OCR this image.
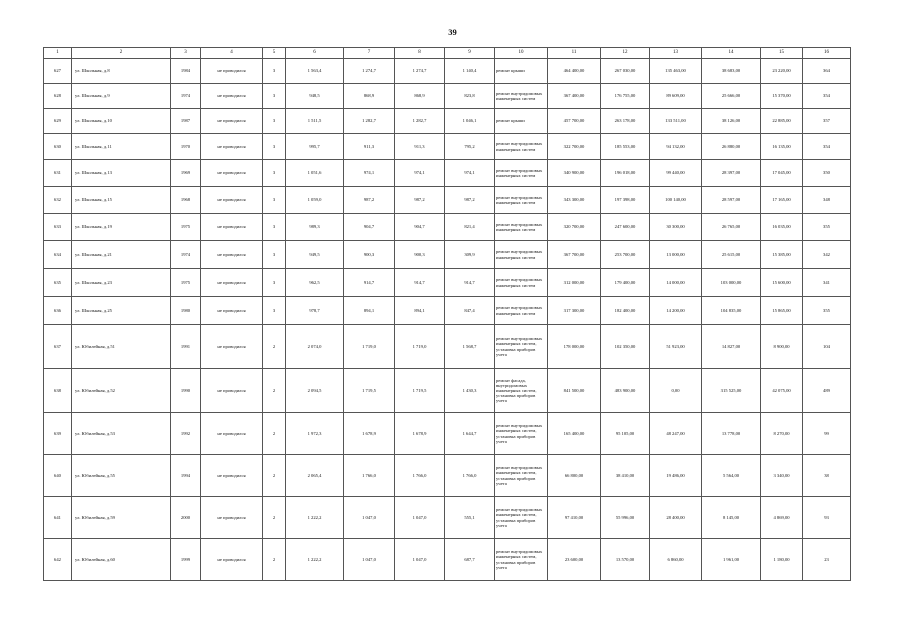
39
1	2	3	4	5	6	7	8	9	10	11	12	13	14	15	16
627	ул. Школьная, д.8	1984	не проводился	3	1 563,4	1 274,7	1 274,7	1 140,4	ремонт крыши	464 400,00	267 030,00	135 463,00	38 683,00	23 220,00	364
628	ул. Школьная, д.9	1974	не проводился	3	948,5	868,9	868,9	823,8	ремонт внутридомовых инженерных систем	367 400,00	176 755,00	89 609,00	25 666,00	15 370,00	354
629	ул. Школьная, д.10	1987	не проводился	3	1 511,5	1 282,7	1 282,7	1 046,1	ремонт крыши	457 700,00	263 178,00	133 511,00	38 126,00	22 885,00	357
630	ул. Школьная, д.11	1970	не проводился	3	995,7	911,3	911,3	795,2	ремонт внутридомовых инженерных систем	322 700,00	185 553,00	94 132,00	26 880,00	16 135,00	354
631	ул. Школьная, д.13	1969	не проводился	3	1 051,6	974,1	974,1	974,1	ремонт внутридомовых инженерных систем	340 900,00	196 018,00	99 440,00	28 397,00	17 045,00	350
632	ул. Школьная, д.15	1968	не проводился	3	1 059,0	987,2	987,2	987,2	ремонт внутридомовых инженерных систем	343 300,00	197 398,00	100 140,00	28 597,00	17 165,00	348
633	ул. Школьная, д.19	1975	не проводился	3	989,3	904,7	904,7	821,4	ремонт внутридомовых инженерных систем	320 700,00	247 600,00	30 300,00	26 765,00	16 035,00	355
634	ул. Школьная, д.21	1974	не проводился	3	949,5	900,3	900,3	309,9	ремонт внутридомовых инженерных систем	367 700,00	253 700,00	13 000,00	25 615,00	15 385,00	342
635	ул. Школьная, д.23	1975	не проводился	3	962,5	914,7	914,7	914,7	ремонт внутридомовых инженерных систем	312 000,00	179 400,00	14 000,00	103 000,00	15 600,00	341
636	ул. Школьная, д.25	1980	не проводился	3	978,7	894,1	894,1	847,4	ремонт внутридомовых инженерных систем	317 300,00	182 400,00	14 200,00	104 835,00	15 865,00	355
637	ул. Юбилейная, д.51	1991	не проводился	2	2 074,0	1 719,0	1 719,0	1 568,7	ремонт внутридомовых инженерных систем, установка приборов учета	178 000,00	102 350,00	51 923,00	14 827,00	8 900,00	104
638	ул. Юбилейная, д.52	1990	не проводился	2	2 094,5	1 719,5	1 719,5	1 430,3	ремонт фасада, внутридомовых инженерных систем, установка приборов учета	841 500,00	483 900,00	0,00	315 525,00	42 075,00	489
639	ул. Юбилейная, д.53	1992	не проводился	2	1 972,3	1 678,9	1 678,9	1 644,7	ремонт внутридомовых инженерных систем, установка приборов учета	165 400,00	95 105,00	48 247,00	13 778,00	8 270,00	99
640	ул. Юбилейная, д.55	1994	не проводился	2	2 065,4	1 766,0	1 766,0	1 766,0	ремонт внутридомовых инженерных систем, установка приборов учета	66 800,00	38 410,00	19 486,00	5 564,00	3 340,00	38
641	ул. Юбилейная, д.59	2000	не проводился	2	1 222,2	1 047,0	1 047,0	555,1	ремонт внутридомовых инженерных систем, установка приборов учета	97 410,00	55 996,00	28 400,00	8 145,00	4 869,00	93
642	ул. Юбилейная, д.60	1999	не проводился	2	1 222,2	1 047,0	1 047,0	687,7	ремонт внутридомовых инженерных систем, установка приборов учета	23 600,00	13 570,00	6 860,00	1 961,00	1 180,00	23
